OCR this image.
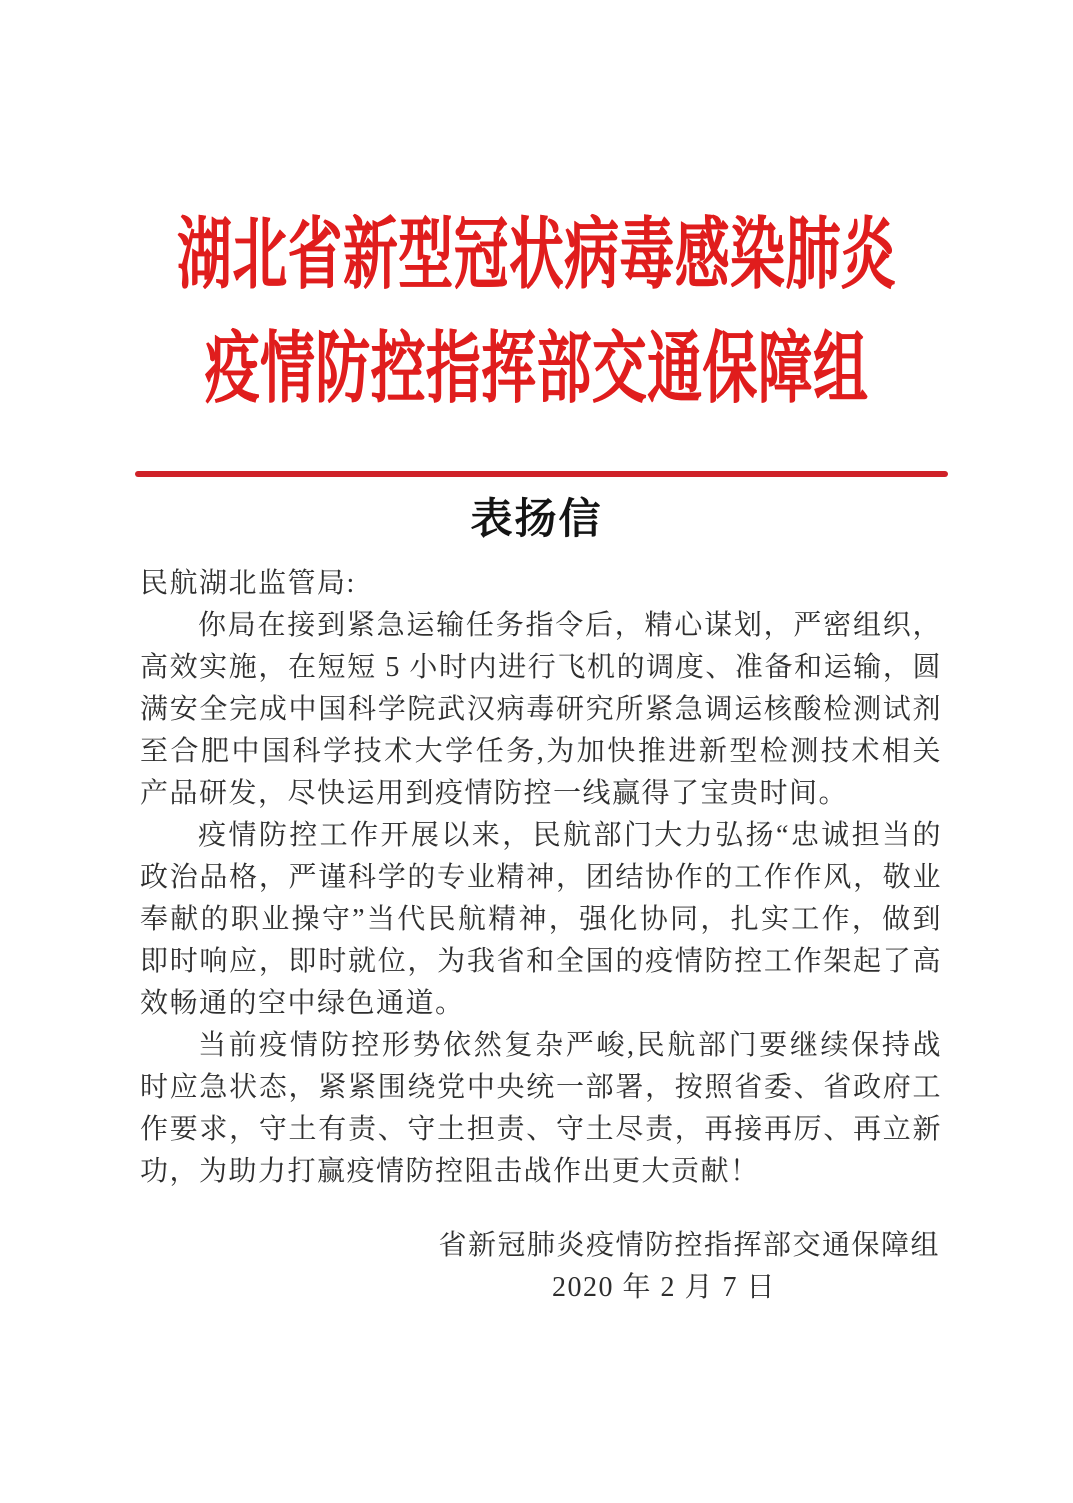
湖北省新型冠状病毒感染肺炎
疫情防控指挥部交通保障组
表扬信
民航湖北监管局:

你局在接到紧急运输任务指令后，精心谋划，严密组织，高效实施，在短短 5 小时内进行飞机的调度、准备和运输，圆满安全完成中国科学院武汉病毒研究所紧急调运核酸检测试剂至合肥中国科学技术大学任务,为加快推进新型检测技术相关产品研发，尽快运用到疫情防控一线赢得了宝贵时间。

疫情防控工作开展以来，民航部门大力弘扬“忠诚担当的政治品格，严谨科学的专业精神，团结协作的工作作风，敬业奉献的职业操守”当代民航精神，强化协同，扎实工作，做到即时响应，即时就位，为我省和全国的疫情防控工作架起了高效畅通的空中绿色通道。

当前疫情防控形势依然复杂严峻,民航部门要继续保持战时应急状态，紧紧围绕党中央统一部署，按照省委、省政府工作要求，守土有责、守土担责、守土尽责，再接再厉、再立新功，为助力打赢疫情防控阻击战作出更大贡献！

省新冠肺炎疫情防控指挥部交通保障组
2020 年 2 月 7 日
